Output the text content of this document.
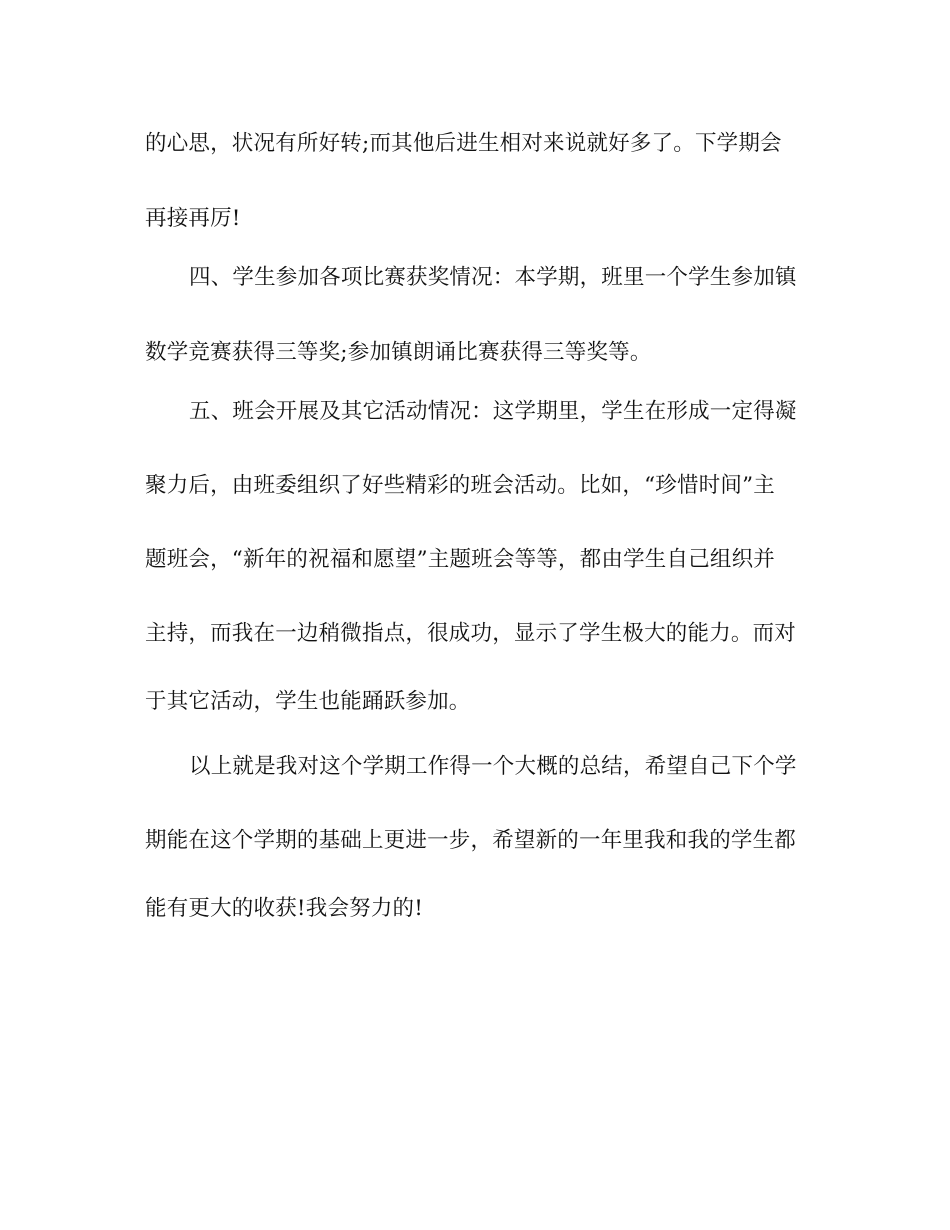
的心思，状况有所好转;而其他后进生相对来说就好多了。下学期会
再接再厉!
四、学生参加各项比赛获奖情况：本学期，班里一个学生参加镇
数学竞赛获得三等奖;参加镇朗诵比赛获得三等奖等。
五、班会开展及其它活动情况：这学期里，学生在形成一定得凝
聚力后，由班委组织了好些精彩的班会活动。比如，“珍惜时间”主
题班会，“新年的祝福和愿望”主题班会等等，都由学生自己组织并
主持，而我在一边稍微指点，很成功，显示了学生极大的能力。而对
于其它活动，学生也能踊跃参加。
以上就是我对这个学期工作得一个大概的总结，希望自己下个学
期能在这个学期的基础上更进一步，希望新的一年里我和我的学生都
能有更大的收获!我会努力的!
